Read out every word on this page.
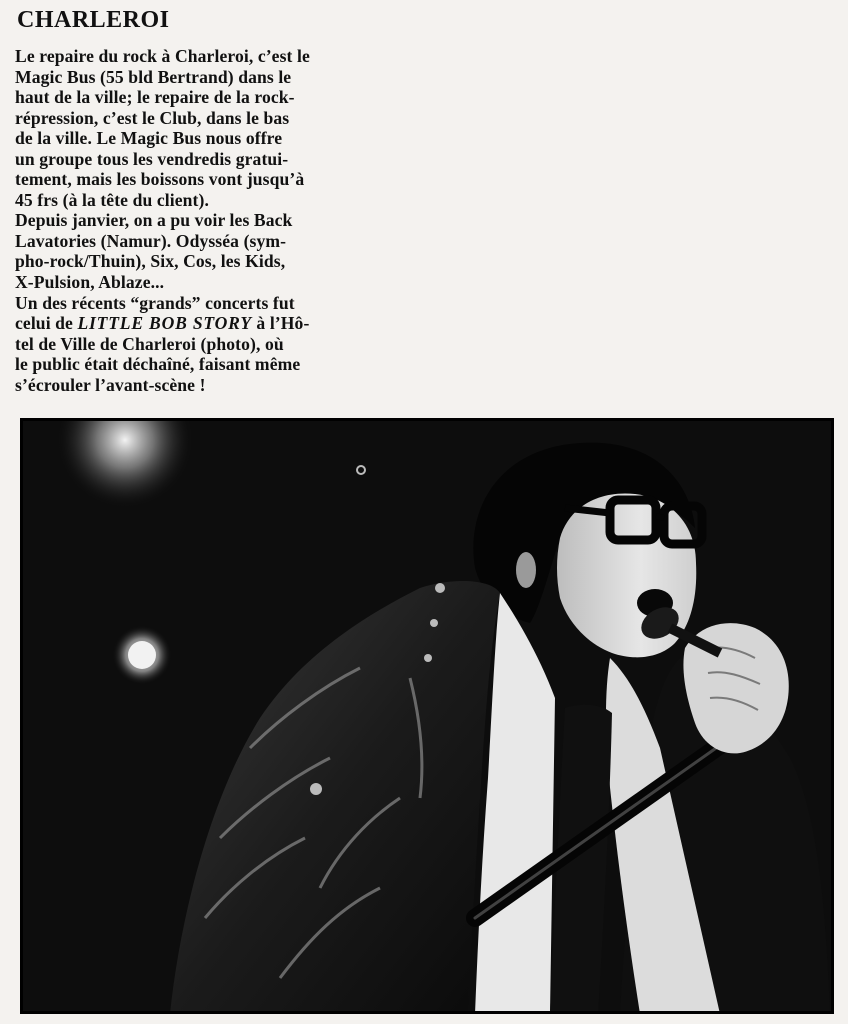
CHARLEROI
Le repaire du rock à Charleroi, c’est le
Magic Bus (55 bld Bertrand) dans le
haut de la ville; le repaire de la rock-
répression, c’est le Club, dans le bas
de la ville. Le Magic Bus nous offre
un groupe tous les vendredis gratui-
tement, mais les boissons vont jusqu’à
45 frs (à la tête du client).
Depuis janvier, on a pu voir les Back
Lavatories (Namur). Odysséa (sym-
pho-rock/Thuin), Six, Cos, les Kids,
X-Pulsion, Ablaze...
Un des récents “grands” concerts fut
celui de LITTLE BOB STORY à l’Hô-
tel de Ville de Charleroi (photo), où
le public était déchaîné, faisant même
s’écrouler l’avant-scène !
